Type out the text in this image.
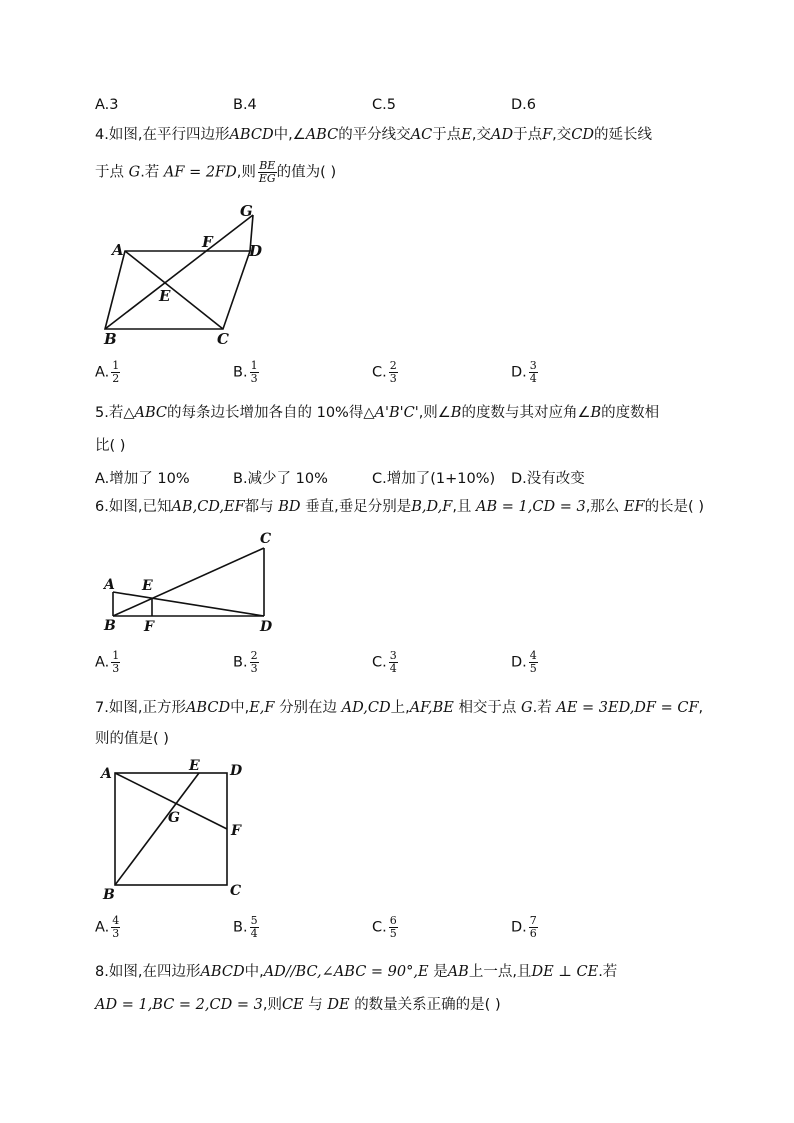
A.3	B.4	C.5	D.6
4.如图,在平行四边形ABCD中,∠ABC的平分线交AC于点E,交AD于点F,交CD的延长线
于点 G.若 AF = 2FD,则 $\frac{BE}{EG}$ 的值为( )
A
B	C
D
E
F
G
A. $\frac{1}{2}$	B. $\frac{1}{3}$	C. $\frac{2}{3}$	D. $\frac{3}{4}$
5.若△ABC的每条边长增加各自的 10%得△A'B'C',则∠B的度数与其对应角∠B的度数相
比( )
A.增加了 10%	B.减少了 10%	C.增加了(1+10%) D.没有改变
6.如图,已知AB,CD,EF都与 BD 垂直,垂足分别是B,D,F,且 AB = 1,CD = 3,那么 EF的长是( )
A
B
C
D
E
F
A. $\frac{1}{3}$	B. $\frac{2}{3}$	C. $\frac{3}{4}$	D. $\frac{4}{5}$
7.如图,正方形ABCD中,E,F 分别在边 AD,CD上,AF,BE 相交于点 G.若 AE = 3ED,DF = CF,
则的值是( )
A
B	C
D
E
F
G
A. $\frac{4}{3}$	B. $\frac{5}{4}$	C. $\frac{6}{5}$	D. $\frac{7}{6}$
8.如图,在四边形ABCD中,AD//BC,∠ABC = 90°,E 是AB上一点,且DE ⊥ CE.若
AD = 1,BC = 2,CD = 3,则CE 与 DE 的数量关系正确的是( )
